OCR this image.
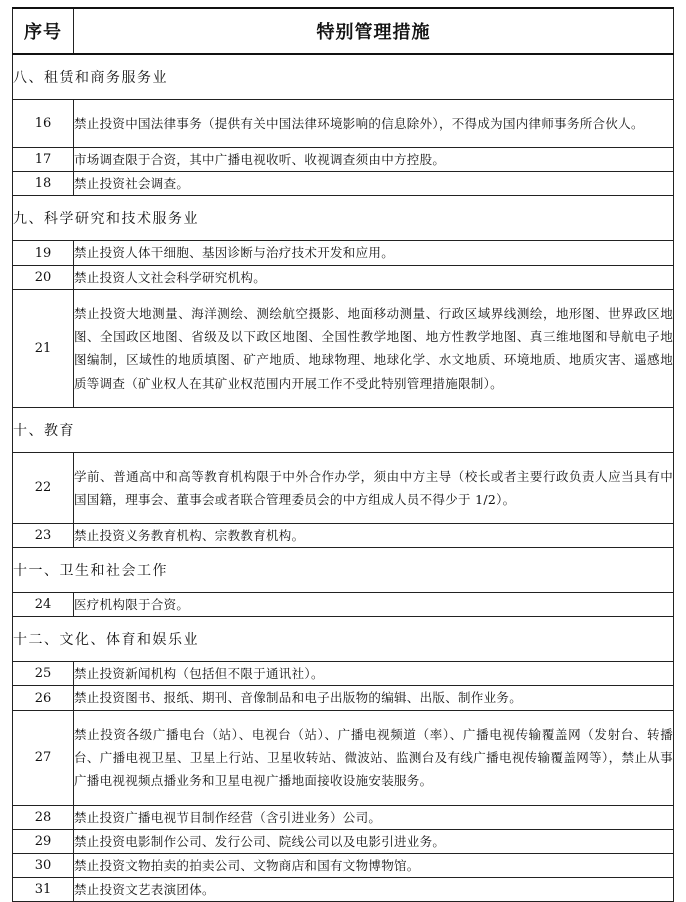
序号	特别管理措施
八、租赁和商务服务业	
16	禁止投资中国法律事务（提供有关中国法律环境影响的信息除外），不得成为国内律师事务所合伙人。
17	市场调查限于合资，其中广播电视收听、收视调查须由中方控股。
18	禁止投资社会调查。
九、科学研究和技术服务业	
19	禁止投资人体干细胞、基因诊断与治疗技术开发和应用。
20	禁止投资人文社会科学研究机构。
21	禁止投资大地测量、海洋测绘、测绘航空摄影、地面移动测量、行政区域界线测绘，地形图、世界政区地图、全国政区地图、省级及以下政区地图、全国性教学地图、地方性教学地图、真三维地图和导航电子地图编制，区域性的地质填图、矿产地质、地球物理、地球化学、水文地质、环境地质、地质灾害、遥感地质等调查（矿业权人在其矿业权范围内开展工作不受此特别管理措施限制）。
十、教育	
22	学前、普通高中和高等教育机构限于中外合作办学，须由中方主导（校长或者主要行政负责人应当具有中国国籍，理事会、董事会或者联合管理委员会的中方组成人员不得少于 1/2）。
23	禁止投资义务教育机构、宗教教育机构。
十一、卫生和社会工作	
24	医疗机构限于合资。
十二、文化、体育和娱乐业	
25	禁止投资新闻机构（包括但不限于通讯社）。
26	禁止投资图书、报纸、期刊、音像制品和电子出版物的编辑、出版、制作业务。
27	禁止投资各级广播电台（站）、电视台（站）、广播电视频道（率）、广播电视传输覆盖网（发射台、转播台、广播电视卫星、卫星上行站、卫星收转站、微波站、监测台及有线广播电视传输覆盖网等），禁止从事广播电视视频点播业务和卫星电视广播地面接收设施安装服务。
28	禁止投资广播电视节目制作经营（含引进业务）公司。
29	禁止投资电影制作公司、发行公司、院线公司以及电影引进业务。
30	禁止投资文物拍卖的拍卖公司、文物商店和国有文物博物馆。
31	禁止投资文艺表演团体。
